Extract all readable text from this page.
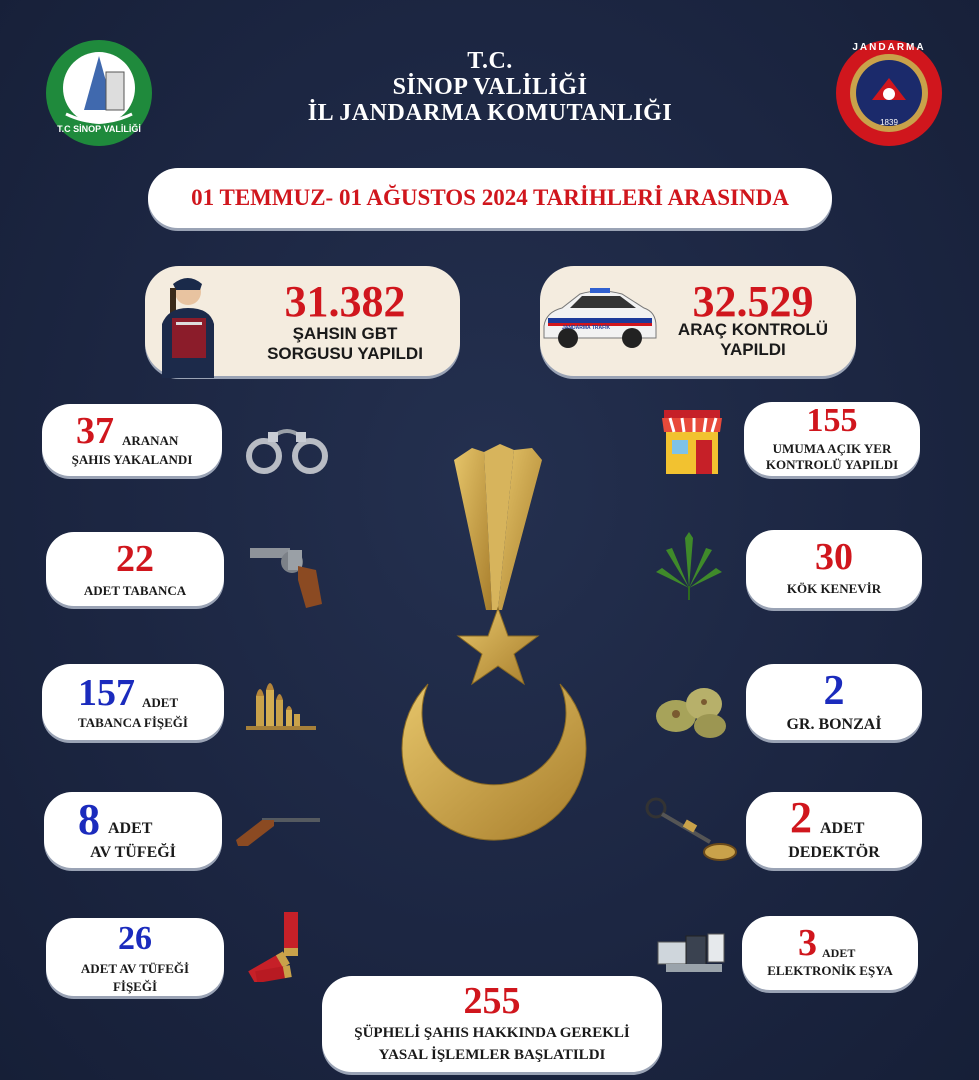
T.C SİNOP VALİLİĞİ
JANDARMA
1839
T.C.
SİNOP VALİLİĞİ
İL JANDARMA KOMUTANLIĞI
01 TEMMUZ- 01 AĞUSTOS 2024 TARİHLERİ ARASINDA
31.382
ŞAHSIN GBT
SORGUSU YAPILDI
32.529
ARAÇ KONTROLÜ
YAPILDI
JANDARMA TRAFİK
37 ARANAN
ŞAHIS YAKALANDI
22
ADET TABANCA
157 ADET
TABANCA FİŞEĞİ
8 ADET
AV TÜFEĞİ
26
ADET AV TÜFEĞİ
FİŞEĞİ
155
UMUMA AÇIK YER
KONTROLÜ YAPILDI
30
KÖK KENEVİR
2
GR. BONZAİ
2 ADET
DEDEKTÖR
3 ADET
ELEKTRONİK EŞYA
255
ŞÜPHELİ ŞAHIS HAKKINDA GEREKLİ
YASAL İŞLEMLER BAŞLATILDI
